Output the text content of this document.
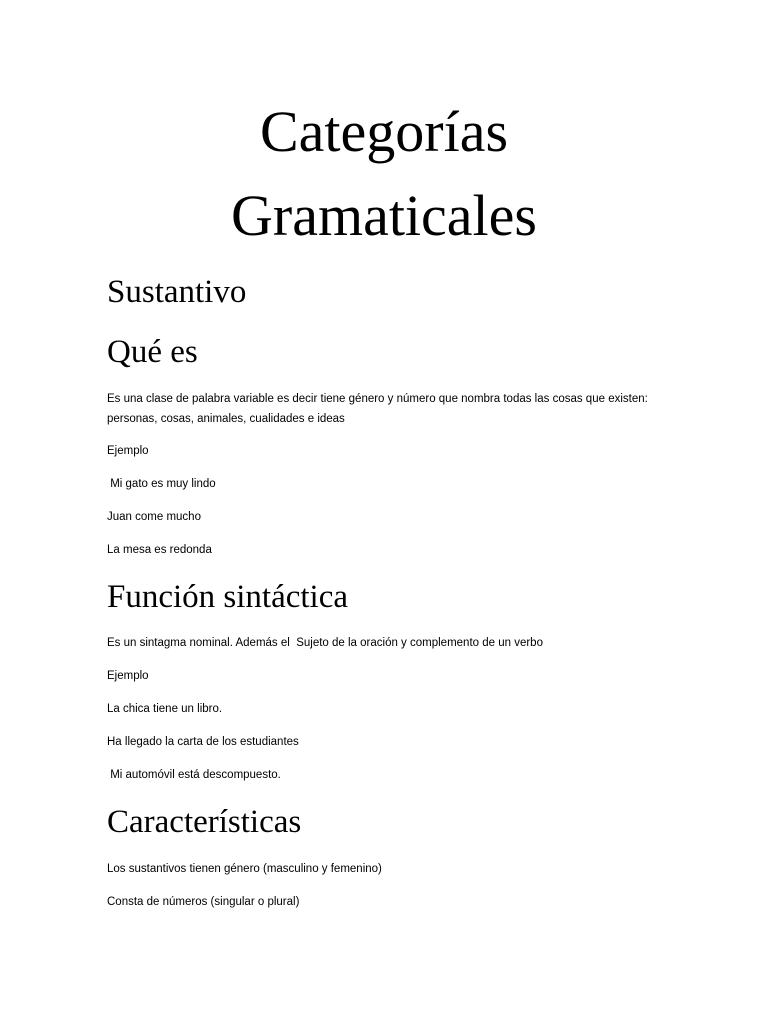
Categorías
Gramaticales
Sustantivo
Qué es

Es una clase de palabra variable es decir tiene género y número que nombra todas las cosas que existen: personas, cosas, animales, cualidades e ideas

Ejemplo

Mi gato es muy lindo

Juan come mucho

La mesa es redonda

Función sintáctica

Es un sintagma nominal. Además el  Sujeto de la oración y complemento de un verbo

Ejemplo

La chica tiene un libro.

Ha llegado la carta de los estudiantes

Mi automóvil está descompuesto.

Características

Los sustantivos tienen género (masculino y femenino)

Consta de números (singular o plural)
